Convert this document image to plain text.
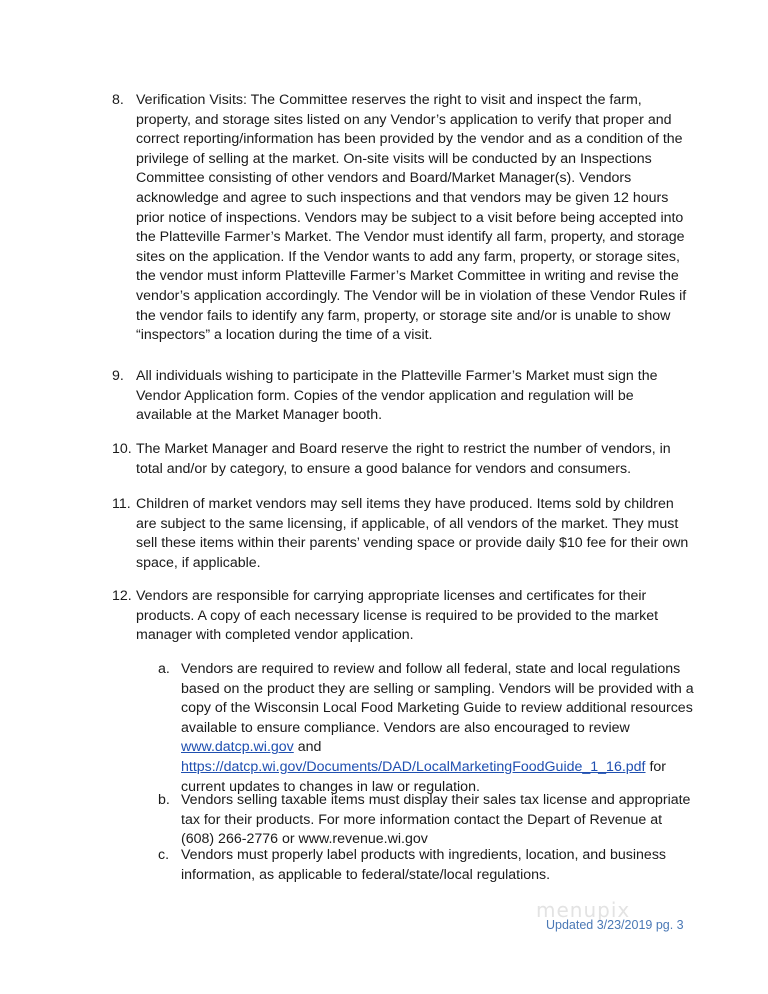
8. Verification Visits: The Committee reserves the right to visit and inspect the farm, property, and storage sites listed on any Vendor’s application to verify that proper and correct reporting/information has been provided by the vendor and as a condition of the privilege of selling at the market. On-site visits will be conducted by an Inspections Committee consisting of other vendors and Board/Market Manager(s). Vendors acknowledge and agree to such inspections and that vendors may be given 12 hours prior notice of inspections. Vendors may be subject to a visit before being accepted into the Platteville Farmer’s Market. The Vendor must identify all farm, property, and storage sites on the application. If the Vendor wants to add any farm, property, or storage sites, the vendor must inform Platteville Farmer’s Market Committee in writing and revise the vendor’s application accordingly. The Vendor will be in violation of these Vendor Rules if the vendor fails to identify any farm, property, or storage site and/or is unable to show “inspectors” a location during the time of a visit.
9. All individuals wishing to participate in the Platteville Farmer’s Market must sign the Vendor Application form. Copies of the vendor application and regulation will be available at the Market Manager booth.
10. The Market Manager and Board reserve the right to restrict the number of vendors, in total and/or by category, to ensure a good balance for vendors and consumers.
11. Children of market vendors may sell items they have produced. Items sold by children are subject to the same licensing, if applicable, of all vendors of the market. They must sell these items within their parents’ vending space or provide daily $10 fee for their own space, if applicable.
12. Vendors are responsible for carrying appropriate licenses and certificates for their products. A copy of each necessary license is required to be provided to the market manager with completed vendor application.
a. Vendors are required to review and follow all federal, state and local regulations based on the product they are selling or sampling. Vendors will be provided with a copy of the Wisconsin Local Food Marketing Guide to review additional resources available to ensure compliance. Vendors are also encouraged to review www.datcp.wi.gov and https://datcp.wi.gov/Documents/DAD/LocalMarketingFoodGuide_1_16.pdf for current updates to changes in law or regulation.
b. Vendors selling taxable items must display their sales tax license and appropriate tax for their products. For more information contact the Depart of Revenue at (608) 266-2776 or www.revenue.wi.gov
c. Vendors must properly label products with ingredients, location, and business information, as applicable to federal/state/local regulations.
menupix
Updated 3/23/2019 pg. 3
